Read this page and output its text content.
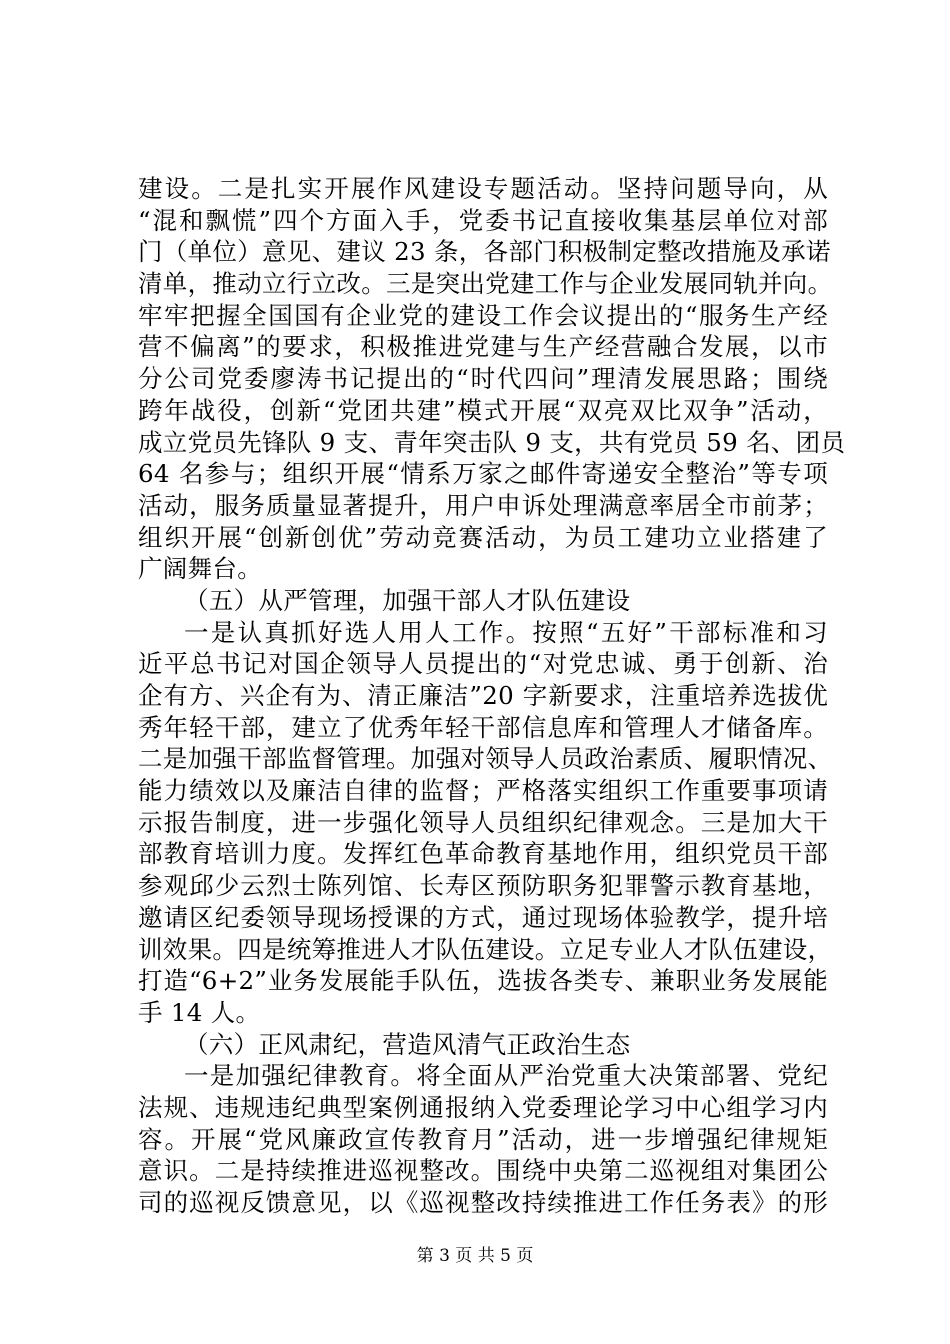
建设。二是扎实开展作风建设专题活动。坚持问题导向，从
“混和飘慌”四个方面入手，党委书记直接收集基层单位对部
门（单位）意见、建议 23 条，各部门积极制定整改措施及承诺
清单，推动立行立改。三是突出党建工作与企业发展同轨并向。
牢牢把握全国国有企业党的建设工作会议提出的“服务生产经
营不偏离”的要求，积极推进党建与生产经营融合发展，以市
分公司党委廖涛书记提出的“时代四问”理清发展思路；围绕
跨年战役，创新“党团共建”模式开展“双亮双比双争”活动，
成立党员先锋队 9 支、青年突击队 9 支，共有党员 59 名、团员
64 名参与；组织开展“情系万家之邮件寄递安全整治”等专项
活动，服务质量显著提升，用户申诉处理满意率居全市前茅；
组织开展“创新创优”劳动竞赛活动，为员工建功立业搭建了
广阔舞台。
（五）从严管理，加强干部人才队伍建设
一是认真抓好选人用人工作。按照“五好”干部标准和习
近平总书记对国企领导人员提出的“对党忠诚、勇于创新、治
企有方、兴企有为、清正廉洁”20 字新要求，注重培养选拔优
秀年轻干部，建立了优秀年轻干部信息库和管理人才储备库。
二是加强干部监督管理。加强对领导人员政治素质、履职情况、
能力绩效以及廉洁自律的监督；严格落实组织工作重要事项请
示报告制度，进一步强化领导人员组织纪律观念。三是加大干
部教育培训力度。发挥红色革命教育基地作用，组织党员干部
参观邱少云烈士陈列馆、长寿区预防职务犯罪警示教育基地，
邀请区纪委领导现场授课的方式，通过现场体验教学，提升培
训效果。四是统筹推进人才队伍建设。立足专业人才队伍建设，
打造“6+2”业务发展能手队伍，选拔各类专、兼职业务发展能
手 14 人。
（六）正风肃纪，营造风清气正政治生态
一是加强纪律教育。将全面从严治党重大决策部署、党纪
法规、违规违纪典型案例通报纳入党委理论学习中心组学习内
容。开展“党风廉政宣传教育月”活动，进一步增强纪律规矩
意识。二是持续推进巡视整改。围绕中央第二巡视组对集团公
司的巡视反馈意见，以《巡视整改持续推进工作任务表》的形
第 3 页 共 5 页
